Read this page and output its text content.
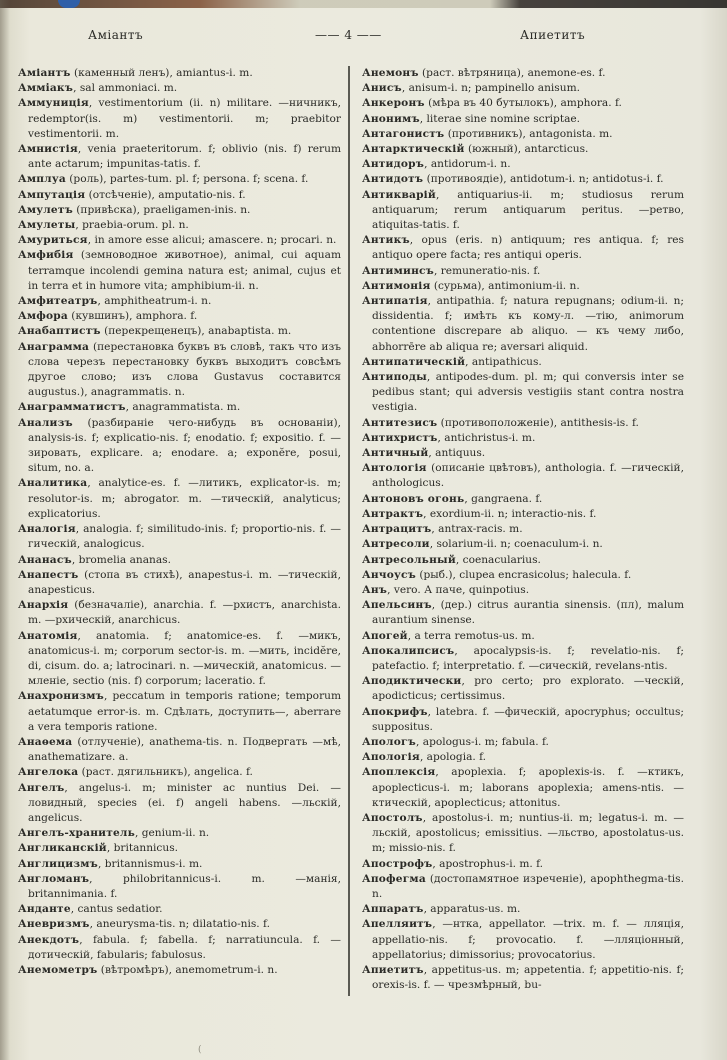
Аміантъ	—— 4 ——	Апиетитъ

Аміантъ (каменный ленъ), amiantus-i. m.

Аммiакъ, sal ammoniaci. m.

Аммуниція, vestimentorium (ii. n) militare. —ничникъ, redemptor(is. m) vestimentorii. m; praebitor vestimentorii. m.

Амнистія, venia praeteritorum. f; oblivio (nis. f) rerum ante actarum; impunitas-tatis. f.

Амплуа (роль), partes-tum. pl. f; persona. f; scena. f.

Ампутація (отсѣченіе), amputatio-nis. f.

Амулетъ (привѣска), praeligamen-inis. n.

Амулеты, praebia-orum. pl. n.

Амуриться, in amore esse alicui; amascere. n; procari. n.

Амфибія (земноводное животное), animal, cui aquam terramque incolendi gemina natura est; animal, cujus et in terra et in humore vita; amphibium-ii. n.

Амфитеатръ, amphitheatrum-i. n.

Амфора (кувшинъ), amphora. f.

Анабаптистъ (перекрещенецъ), anabaptista. m.

Анаграмма (перестановка буквъ въ словѣ, такъ что изъ слова черезъ перестановку буквъ выходитъ совсѣмъ другое слово; изъ слова Gustavus составится augustus.), anagrammatis. n.

Анаграмматистъ, anagrammatista. m.

Анализъ (разбираніе чего-нибудь въ основаніи), analysis-is. f; explicatio-nis. f; enodatio. f; expositio. f. —зировать, explicare. a; enodare. a; exponĕre, posui, situm, no. a.

Аналитика, analytice-es. f. —литикъ, explicator-is. m; resolutor-is. m; abrogator. m. —тическій, analyticus; explicatorius.

Аналогія, analogia. f; similitudo-inis. f; proportio-nis. f. —гическій, analogicus.

Ананасъ, bromelia ananas.

Анапестъ (стопа въ стихѣ), anapestus-i. m. —тическій, anapesticus.

Анархія (безначаліе), anarchia. f. —рхистъ, anarchista. m. —рхическій, anarchicus.

Анатомія, anatomia. f; anatomice-es. f. —микъ, anatomicus-i. m; corporum sector-is. m. —мить, incidĕre, di, cisum. do. a; latrocinari. n. —мическій, anatomicus. —мленіе, sectio (nis. f) corporum; laceratio. f.

Анахронизмъ, peccatum in temporis ratione; temporum aetatumque error-is. m. Сдѣлать, доступить—, aberrare a vera temporis ratione.

Анаѳема (отлученіе), anathema-tis. n. Подвергать —мѣ, anathematizare. a.

Ангелока (раст. дягильникъ), angelica. f.

Ангелъ, angelus-i. m; minister ac nuntius Dei. —ловидный, species (ei. f) angeli habens. —льскій, angelicus.

Ангелъ-хранитель, genium-ii. n.

Англиканскій, britannicus.

Англицизмъ, britannismus-i. m.

Англоманъ, philobritannicus-i. m. —манія, britannimania. f.

Анданте, cantus sedatior.

Аневризмъ, aneurysma-tis. n; dilatatio-nis. f.

Анекдотъ, fabula. f; fabella. f; narratiuncula. f. —дотическій, fabularis; fabulosus.

Анемометръ (вѣтромѣръ), anemometrum-i. n.

Анемонъ (раст. вѣтряница), anemone-es. f.

Анисъ, anisum-i. n; pampinello anisum.

Анкеронъ (мѣра въ 40 бутылокъ), amphora. f.

Анонимъ, literae sine nomine scriptae.

Антагонистъ (противникъ), antagonista. m.

Антарктическій (южный), antarcticus.

Антидоръ, antidorum-i. n.

Антидотъ (противоядіе), antidotum-i. n; antidotus-i. f.

Антикварій, antiquarius-ii. m; studiosus rerum antiquarum; rerum antiquarum peritus. —ретво, atiquitas-tatis. f.

Антикъ, opus (eris. n) antiquum; res antiqua. f; res antiquo opere facta; res antiqui operis.

Антиминсъ, remuneratio-nis. f.

Антимонія (сурьма), antimonium-ii. n.

Антипатія, antipathia. f; natura repugnans; odium-ii. n; dissidentia. f; имѣть къ кому-л. —тію, animorum contentione discrepare ab aliquo. — къ чему либо, abhorrēre ab aliqua re; aversari aliquid.

Антипатическій, antipathicus.

Антиподы, antipodes-dum. pl. m; qui conversis inter se pedibus stant; qui adversis vestigiis stant contra nostra vestigia.

Антитезисъ (противоположеніе), antithesis-is. f.

Антихристъ, antichristus-i. m.

Античный, antiquus.

Антологія (описаніе цвѣтовъ), anthologia. f. —гическій, anthologicus.

Антоновъ огонь, gangraena. f.

Антрактъ, exordium-ii. n; interactio-nis. f.

Антрацитъ, antrax-racis. m.

Антресоли, solarium-ii. n; coenaculum-i. n.

Антресольный, coenacularius.

Анчоусъ (рыб.), clupea encrasicolus; halecula. f.

Анъ, vero. А паче, quinpotius.

Апельсинъ, (дер.) citrus aurantia sinensis. (пл), malum aurantium sinense.

Апогей, a terra remotus-us. m.

Апокалипсисъ, apocalypsis-is. f; revelatio-nis. f; patefactio. f; interpretatio. f. —сическій, revelans-ntis.

Аподиктически, pro certo; pro explorato. —ческій, apodicticus; certissimus.

Апокрифъ, latebra. f. —фическій, apocryphus; occultus; suppositus.

Апологъ, apologus-i. m; fabula. f.

Апологія, apologia. f.

Апоплексія, apoplexia. f; apoplexis-is. f. —ктикъ, apoplecticus-i. m; laborans apoplexia; amens-ntis. — ктическій, apoplecticus; attonitus.

Апостолъ, apostolus-i. m; nuntius-ii. m; legatus-i. m. —льскій, apostolicus; emissitius. —льство, apostolatus-us. m; missio-nis. f.

Апострофъ, apostrophus-i. m. f.

Апофегма (достопамятное изреченіе), apophthegma-tis. n.

Аппаратъ, apparatus-us. m.

Апелляитъ, —нтка, appellator. —trix. m. f. — лляція, appellatio-nis. f; provocatio. f. —лляціонный, appellatorius; dimissorius; provocatorius.

Апиетитъ, appetitus-us. m; appetentia. f; appetitio-nis. f; orexis-is. f. — чрезмѣрный, bu-

(
